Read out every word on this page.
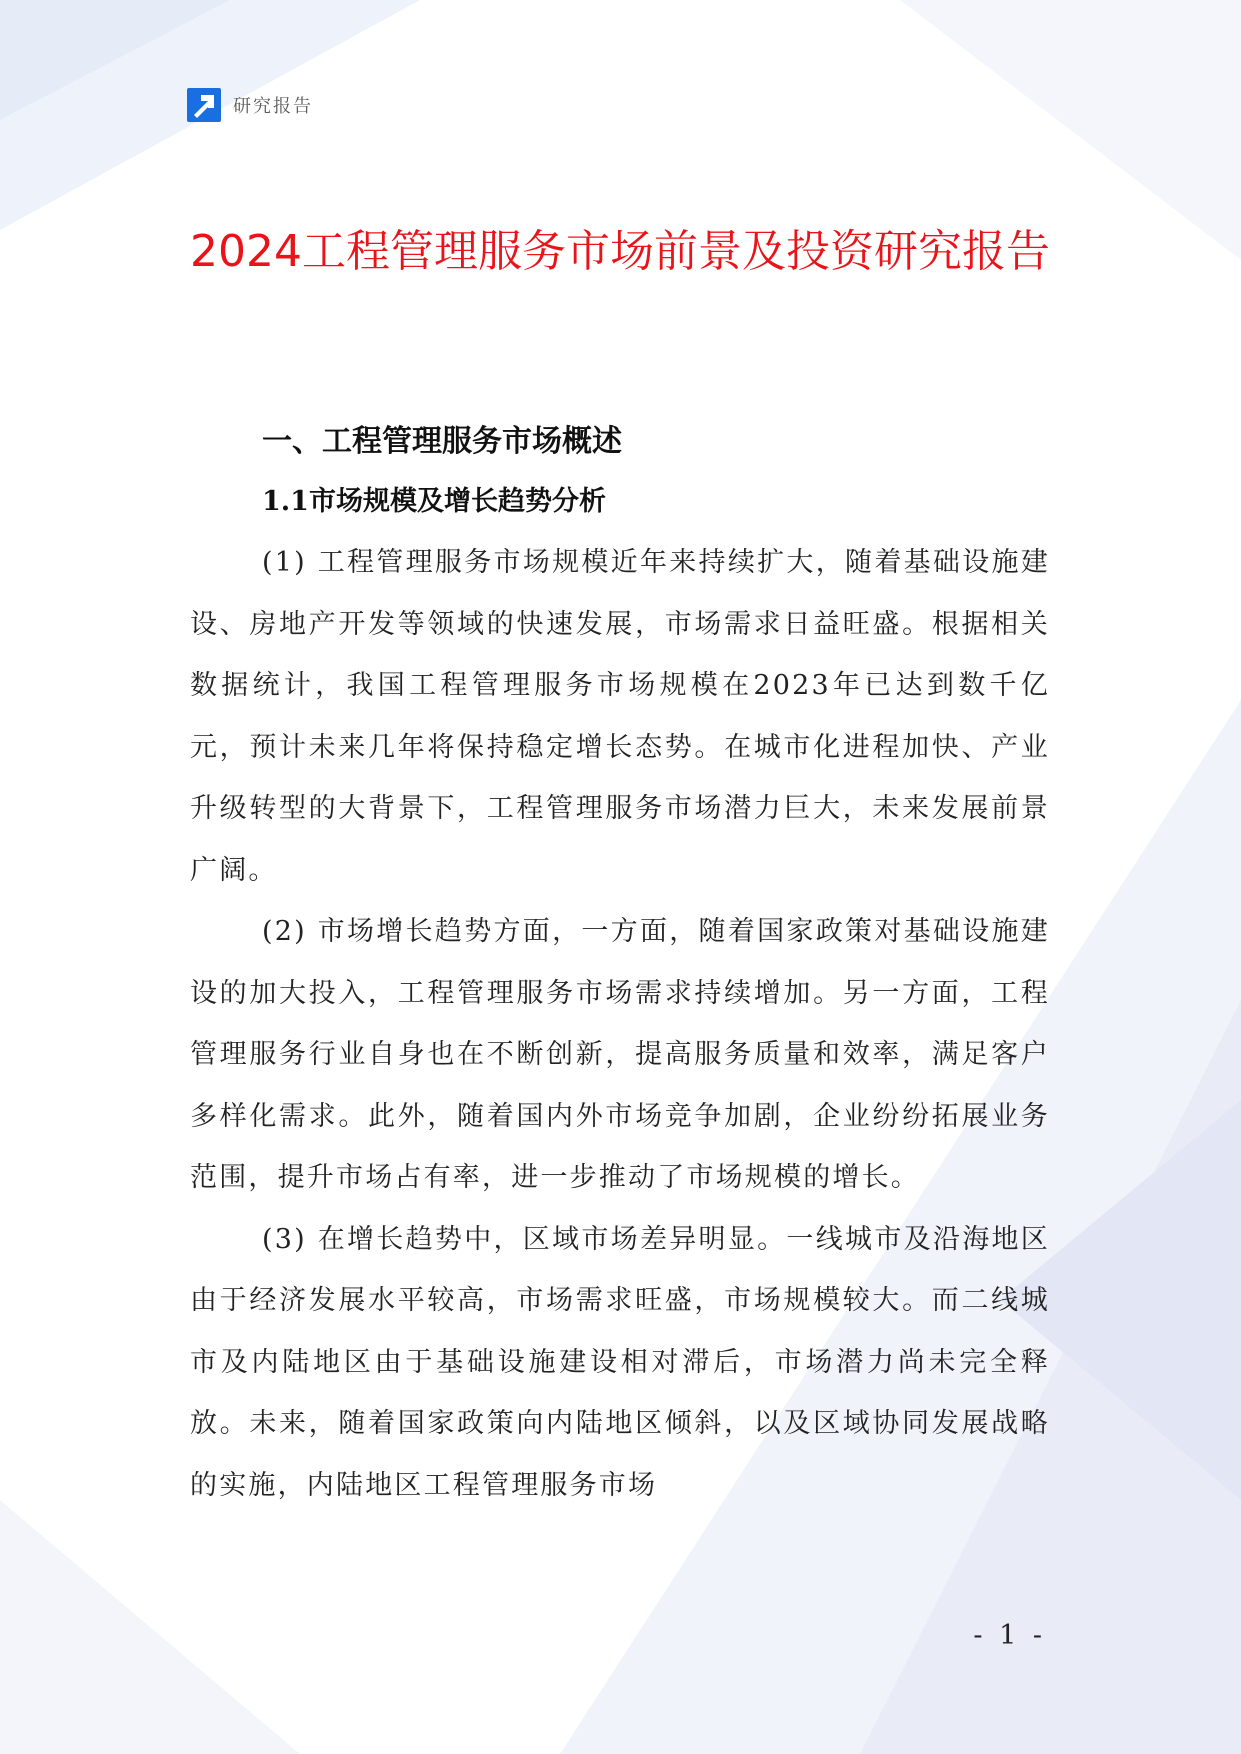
研究报告
2024工程管理服务市场前景及投资研究报告
一、工程管理服务市场概述
1.1市场规模及增长趋势分析

(1) 工程管理服务市场规模近年来持续扩大，随着基础设施建设、房地产开发等领域的快速发展，市场需求日益旺盛。根据相关数据统计，我国工程管理服务市场规模在2023年已达到数千亿元，预计未来几年将保持稳定增长态势。在城市化进程加快、产业升级转型的大背景下，工程管理服务市场潜力巨大，未来发展前景广阔。

(2) 市场增长趋势方面，一方面，随着国家政策对基础设施建设的加大投入，工程管理服务市场需求持续增加。另一方面，工程管理服务行业自身也在不断创新，提高服务质量和效率，满足客户多样化需求。此外，随着国内外市场竞争加剧，企业纷纷拓展业务范围，提升市场占有率，进一步推动了市场规模的增长。

(3) 在增长趋势中，区域市场差异明显。一线城市及沿海地区由于经济发展水平较高，市场需求旺盛，市场规模较大。而二线城市及内陆地区由于基础设施建设相对滞后，市场潜力尚未完全释放。未来，随着国家政策向内陆地区倾斜，以及区域协同发展战略的实施，内陆地区工程管理服务市场

- 1 -
